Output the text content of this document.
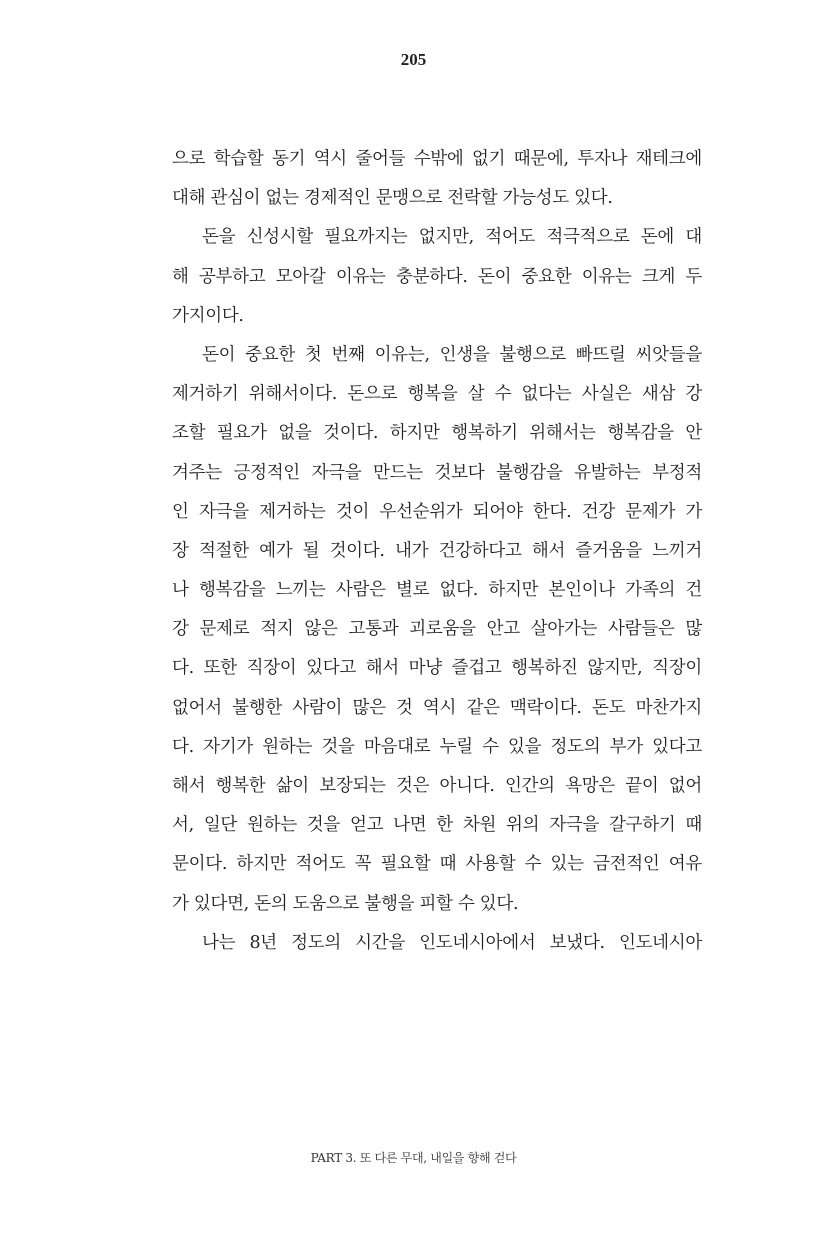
205
으로 학습할 동기 역시 줄어들 수밖에 없기 때문에, 투자나 재테크에
대해 관심이 없는 경제적인 문맹으로 전락할 가능성도 있다.
돈을 신성시할 필요까지는 없지만, 적어도 적극적으로 돈에 대
해 공부하고 모아갈 이유는 충분하다. 돈이 중요한 이유는 크게 두
가지이다.
돈이 중요한 첫 번째 이유는, 인생을 불행으로 빠뜨릴 씨앗들을
제거하기 위해서이다. 돈으로 행복을 살 수 없다는 사실은 새삼 강
조할 필요가 없을 것이다. 하지만 행복하기 위해서는 행복감을 안
겨주는 긍정적인 자극을 만드는 것보다 불행감을 유발하는 부정적
인 자극을 제거하는 것이 우선순위가 되어야 한다. 건강 문제가 가
장 적절한 예가 될 것이다. 내가 건강하다고 해서 즐거움을 느끼거
나 행복감을 느끼는 사람은 별로 없다. 하지만 본인이나 가족의 건
강 문제로 적지 않은 고통과 괴로움을 안고 살아가는 사람들은 많
다. 또한 직장이 있다고 해서 마냥 즐겁고 행복하진 않지만, 직장이
없어서 불행한 사람이 많은 것 역시 같은 맥락이다. 돈도 마찬가지
다. 자기가 원하는 것을 마음대로 누릴 수 있을 정도의 부가 있다고
해서 행복한 삶이 보장되는 것은 아니다. 인간의 욕망은 끝이 없어
서, 일단 원하는 것을 얻고 나면 한 차원 위의 자극을 갈구하기 때
문이다. 하지만 적어도 꼭 필요할 때 사용할 수 있는 금전적인 여유
가 있다면, 돈의 도움으로 불행을 피할 수 있다.
나는 8년 정도의 시간을 인도네시아에서 보냈다. 인도네시아
PART 3. 또 다른 무대, 내일을 향해 걷다
